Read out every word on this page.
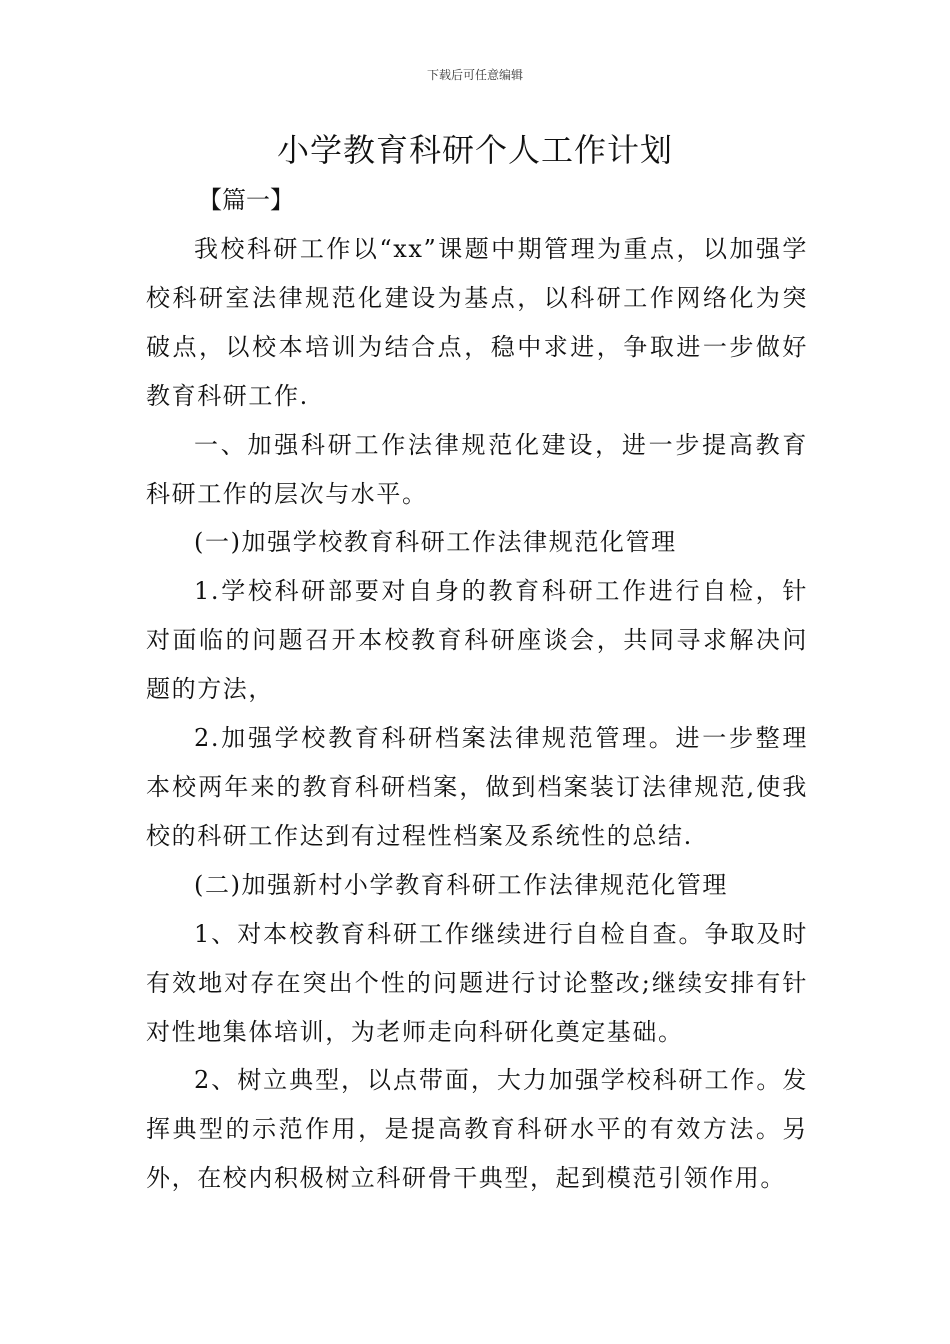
下载后可任意编辑
小学教育科研个人工作计划
【篇一】

我校科研工作以“xx”课题中期管理为重点，以加强学校科研室法律规范化建设为基点，以科研工作网络化为突破点，以校本培训为结合点，稳中求进，争取进一步做好教育科研工作.

一、加强科研工作法律规范化建设，进一步提高教育科研工作的层次与水平。

(一)加强学校教育科研工作法律规范化管理

1.学校科研部要对自身的教育科研工作进行自检，针对面临的问题召开本校教育科研座谈会，共同寻求解决问题的方法，

2.加强学校教育科研档案法律规范管理。进一步整理本校两年来的教育科研档案，做到档案装订法律规范,使我校的科研工作达到有过程性档案及系统性的总结.

(二)加强新村小学教育科研工作法律规范化管理

1、对本校教育科研工作继续进行自检自查。争取及时有效地对存在突出个性的问题进行讨论整改;继续安排有针对性地集体培训，为老师走向科研化奠定基础。

2、树立典型，以点带面，大力加强学校科研工作。发挥典型的示范作用，是提高教育科研水平的有效方法。另外，在校内积极树立科研骨干典型，起到模范引领作用。
